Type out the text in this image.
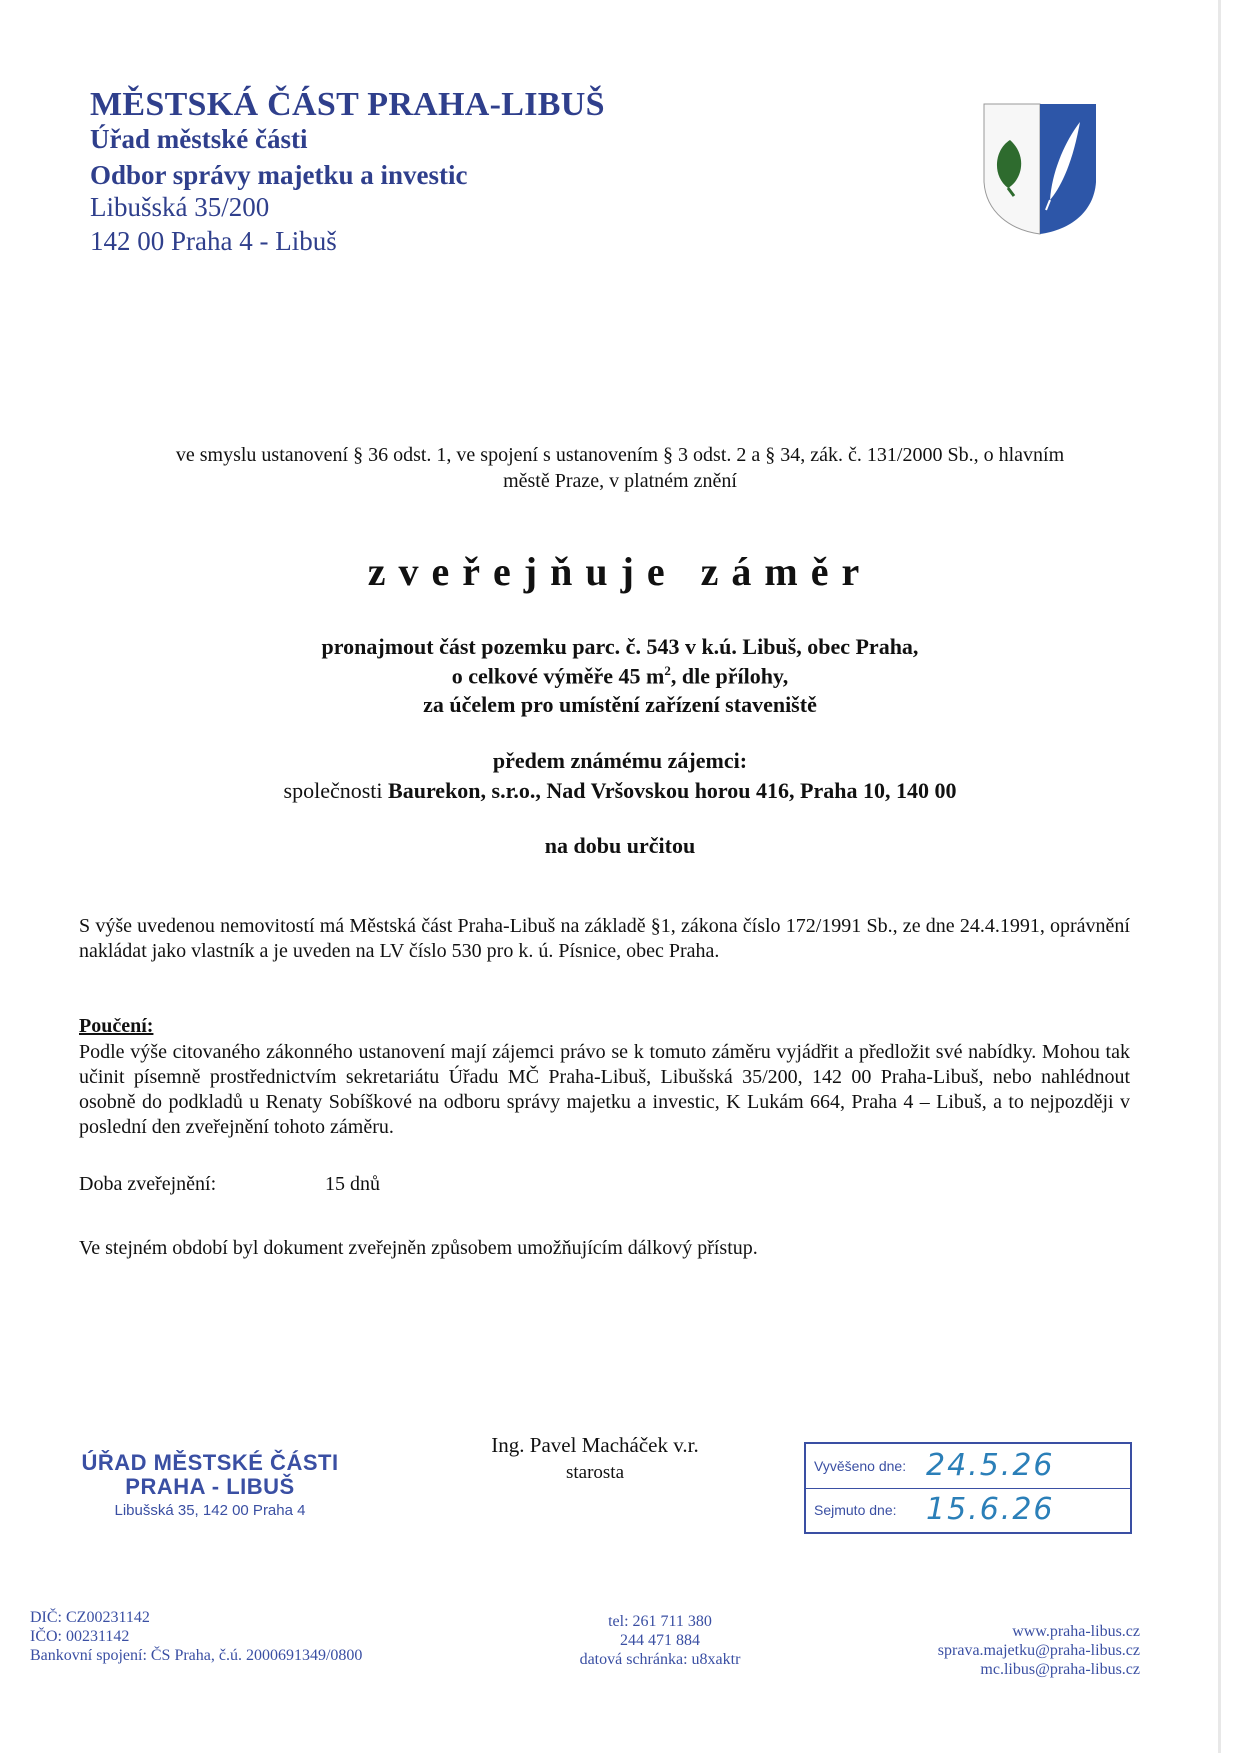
MĚSTSKÁ ČÁST PRAHA-LIBUŠ
Úřad městské části
Odbor správy majetku a investic
Libušská 35/200
142 00 Praha 4 - Libuš
ve smyslu ustanovení § 36 odst. 1, ve spojení s ustanovením § 3 odst. 2 a § 34, zák. č. 131/2000 Sb., o hlavním
městě Praze, v platném znění
zveřejňuje záměr
pronajmout část pozemku parc. č. 543 v k.ú. Libuš, obec Praha,
o celkové výměře 45 $m^2$, dle přílohy,
za účelem pro umístění zařízení staveniště
předem známému zájemci:
společnosti Baurekon, s.r.o., Nad Vršovskou horou 416, Praha 10, 140 00
na dobu určitou
S výše uvedenou nemovitostí má Městská část Praha-Libuš na základě §1, zákona číslo 172/1991 Sb., ze dne 24.4.1991, oprávnění nakládat jako vlastník a je uveden na LV číslo 530 pro k. ú. Písnice, obec Praha.
Poučení:
Podle výše citovaného zákonného ustanovení mají zájemci právo se k tomuto záměru vyjádřit a předložit své nabídky. Mohou tak učinit písemně prostřednictvím sekretariátu Úřadu MČ Praha-Libuš, Libušská 35/200, 142 00 Praha-Libuš, nebo nahlédnout osobně do podkladů u Renaty Sobíškové na odboru správy majetku a investic, K Lukám 664, Praha 4 – Libuš, a to nejpozději v poslední den zveřejnění tohoto záměru.
Doba zveřejnění:	15 dnů
Ve stejném období byl dokument zveřejněn způsobem umožňujícím dálkový přístup.
ÚŘAD MĚSTSKÉ ČÁSTI
PRAHA - LIBUŠ
Libušská 35, 142 00 Praha 4
Ing. Pavel Macháček v.r.
starosta	Vyvěšeno dne: 24.5.26
Sejmuto dne: 15.6.26
DIČ: CZ00231142
IČO: 00231142
Bankovní spojení: ČS Praha, č.ú. 2000691349/0800
tel: 261 711 380
244 471 884
datová schránka: u8xaktr
www.praha-libus.cz
sprava.majetku@praha-libus.cz
mc.libus@praha-libus.cz
